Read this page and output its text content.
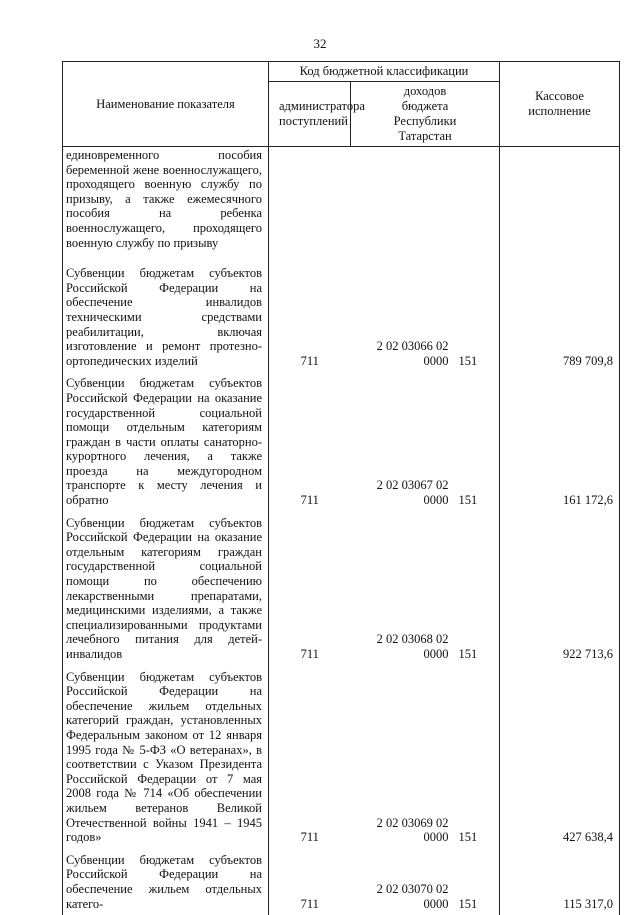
32
Наименование показателя	Код бюджетной классификации			Кассовое исполнение
	администратора поступлений	доходов бюджета Республики Татарстан		

единовременного пособия беременной жене военнослужащего, проходящего военную службу по призыву, а также ежемесячного пособия на ребенка военнослужащего, проходящего военную службу по призыву				

Субвенции бюджетам субъектов Российской Федерации на обеспечение инвалидов техническими средствами реабилитации, включая изготовление и ремонт протезно-ортопедических изделий	711	2 02 03066 02 0000	151	789 709,8

Субвенции бюджетам субъектов Российской Федерации на оказание государственной социальной помощи отдельным категориям граждан в части оплаты санаторно-курортного лечения, а также проезда на междугородном транспорте к месту лечения и обратно	711	2 02 03067 02 0000	151	161 172,6

Субвенции бюджетам субъектов Российской Федерации на оказание отдельным категориям граждан государственной социальной помощи по обеспечению лекарственными препаратами, медицинскими изделиями, а также специализированными продуктами лечебного питания для детей-инвалидов	711	2 02 03068 02 0000	151	922 713,6

Субвенции бюджетам субъектов Российской Федерации на обеспечение жильем отдельных категорий граждан, установленных Федеральным законом от 12 января 1995 года № 5-ФЗ «О ветеранах», в соответствии с Указом Президента Российской Федерации от 7 мая 2008 года № 714 «Об обеспечении жильем ветеранов Великой Отечественной войны 1941 – 1945 годов»	711	2 02 03069 02 0000	151	427 638,4

Субвенции бюджетам субъектов Российской Федерации на обеспечение жильем отдельных катего-	711	2 02 03070 02 0000	151	115 317,0
